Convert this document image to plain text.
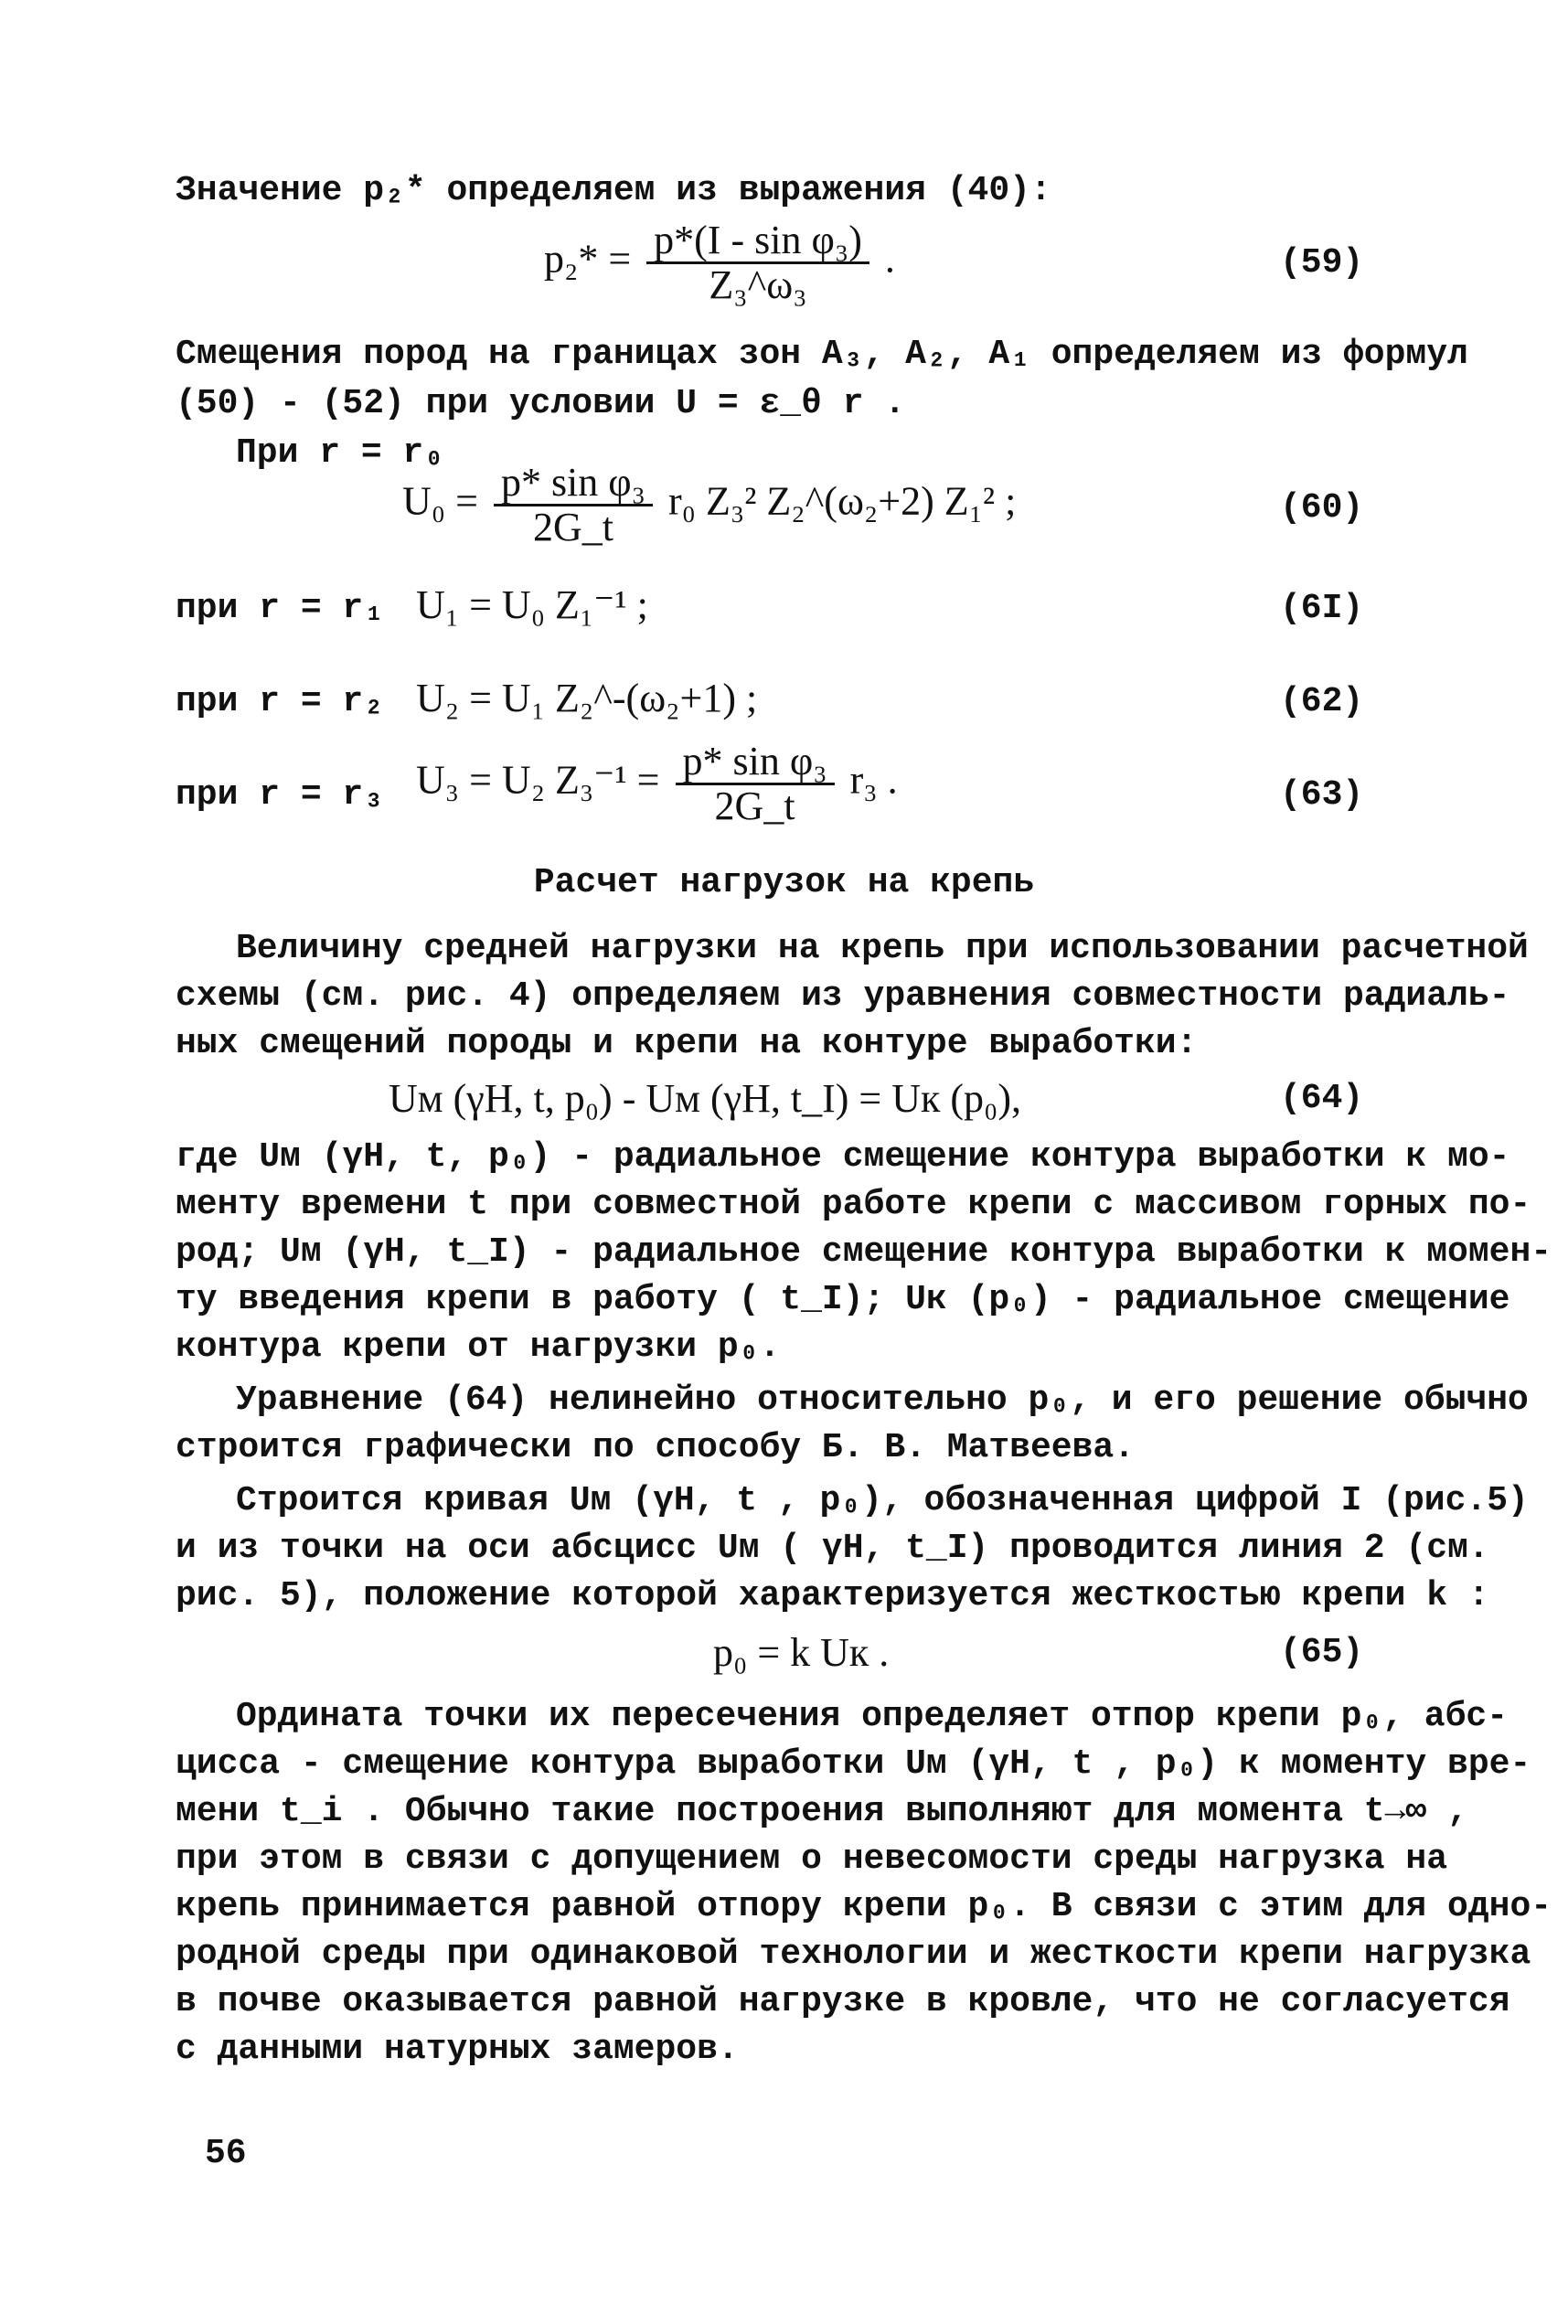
Значение p₂* определяем из выражения (40):
$p_2* = \frac{\text{p*(I - sin φ₃)}}{\text{Z₃\textasciicircum{}ω₃}}$ .	(59)
Смещения пород на границах зон A₃, A₂, A₁ определяем из формул
(50) - (52) при условии U = ε_θ r .
При r = r₀
$U_0 = \frac{\text{p* sin φ₃}}{2G\_t} r_0$ Z₃² Z₂^(ω₂+2) Z₁² ;	(60)
при r = r₁ U₁ = U₀ Z₁⁻¹ ;	(6I)
при r = r₂ U₂ = U₁ Z₂^-(ω₂+1) ;	(62)
при r = r₃ U₃ = U₂ $Z_3^{-1} = \frac{\text{p* sin φ₃}}{2G\_t} r_3$ .	(63)
Расчет нагрузок на крепь
Величину средней нагрузки на крепь при использовании расчетной
схемы (см. рис. 4) определяем из уравнения совместности радиаль-
ных смещений породы и крепи на контуре выработки:
Uм (γH, t, p₀) - Uм (γH, t_I) = Uк (p₀),	(64)
где Uм (γH, t, p₀) - радиальное смещение контура выработки к мо-
менту времени t при совместной работе крепи с массивом горных по-
род; Uм (γH, t_I) - радиальное смещение контура выработки к момен-
ту введения крепи в работу ( t_I); Uк (p₀) - радиальное смещение
контура крепи от нагрузки p₀.
Уравнение (64) нелинейно относительно p₀, и его решение обычно
строится графически по способу Б. В. Матвеева.
Строится кривая Uм (γH, t , p₀), обозначенная цифрой I (рис.5)
и из точки на оси абсцисс Uм ( γH, t_I) проводится линия 2 (см.
рис. 5), положение которой характеризуется жесткостью крепи k :
p₀ = k Uк .	(65)
Ордината точки их пересечения определяет отпор крепи p₀, абс-
цисса - смещение контура выработки Uм (γH, t , p₀) к моменту вре-
мени t_i . Обычно такие построения выполняют для момента t→∞ ,
при этом в связи с допущением о невесомости среды нагрузка на
крепь принимается равной отпору крепи p₀. В связи с этим для одно-
родной среды при одинаковой технологии и жесткости крепи нагрузка
в почве оказывается равной нагрузке в кровле, что не согласуется
с данными натурных замеров.
56
